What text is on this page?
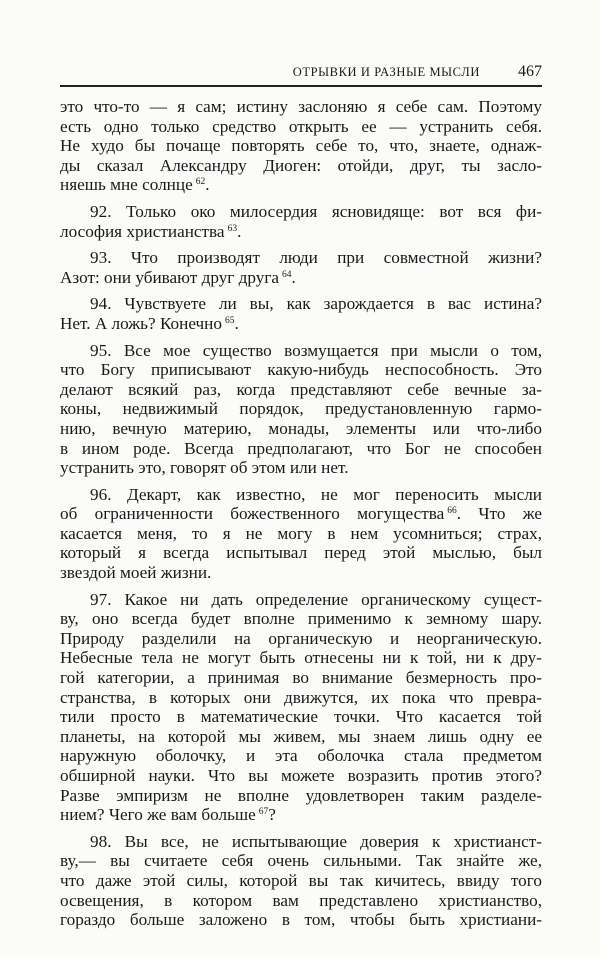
ОТРЫВКИ И РАЗНЫЕ МЫСЛИ 467
это что-то — я сам; истину заслоняю я себе сам. Поэтому
есть одно только средство открыть ее — устранить себя.
Не худо бы почаще повторять себе то, что, знаете, однаж-
ды сказал Александру Диоген: отойди, друг, ты засло-
няешь мне солнце $^{62}$.
92. Только око милосердия ясновидяще: вот вся фи-
лософия христианства $^{63}$.
93. Что производят люди при совместной жизни?
Азот: они убивают друг друга $^{64}$.
94. Чувствуете ли вы, как зарождается в вас истина?
Нет. А ложь? Конечно $^{65}$.
95. Все мое существо возмущается при мысли о том,
что Богу приписывают какую-нибудь неспособность. Это
делают всякий раз, когда представляют себе вечные за-
коны, недвижимый порядок, предустановленную гармо-
нию, вечную материю, монады, элементы или что-либо
в ином роде. Всегда предполагают, что Бог не способен
устранить это, говорят об этом или нет.
96. Декарт, как известно, не мог переносить мысли
об ограниченности божественного могущества $^{66}$. Что же
касается меня, то я не могу в нем усомниться; страх,
который я всегда испытывал перед этой мыслью, был
звездой моей жизни.
97. Какое ни дать определение органическому сущест-
ву, оно всегда будет вполне применимо к земному шару.
Природу разделили на органическую и неорганическую.
Небесные тела не могут быть отнесены ни к той, ни к дру-
гой категории, а принимая во внимание безмерность про-
странства, в которых они движутся, их пока что превра-
тили просто в математические точки. Что касается той
планеты, на которой мы живем, мы знаем лишь одну ее
наружную оболочку, и эта оболочка стала предметом
обширной науки. Что вы можете возразить против этого?
Разве эмпиризм не вполне удовлетворен таким разделе-
нием? Чего же вам больше $^{67}$?
98. Вы все, не испытывающие доверия к христианст-
ву,— вы считаете себя очень сильными. Так знайте же,
что даже этой силы, которой вы так кичитесь, ввиду того
освещения, в котором вам представлено христианство,
гораздо больше заложено в том, чтобы быть христиани-
